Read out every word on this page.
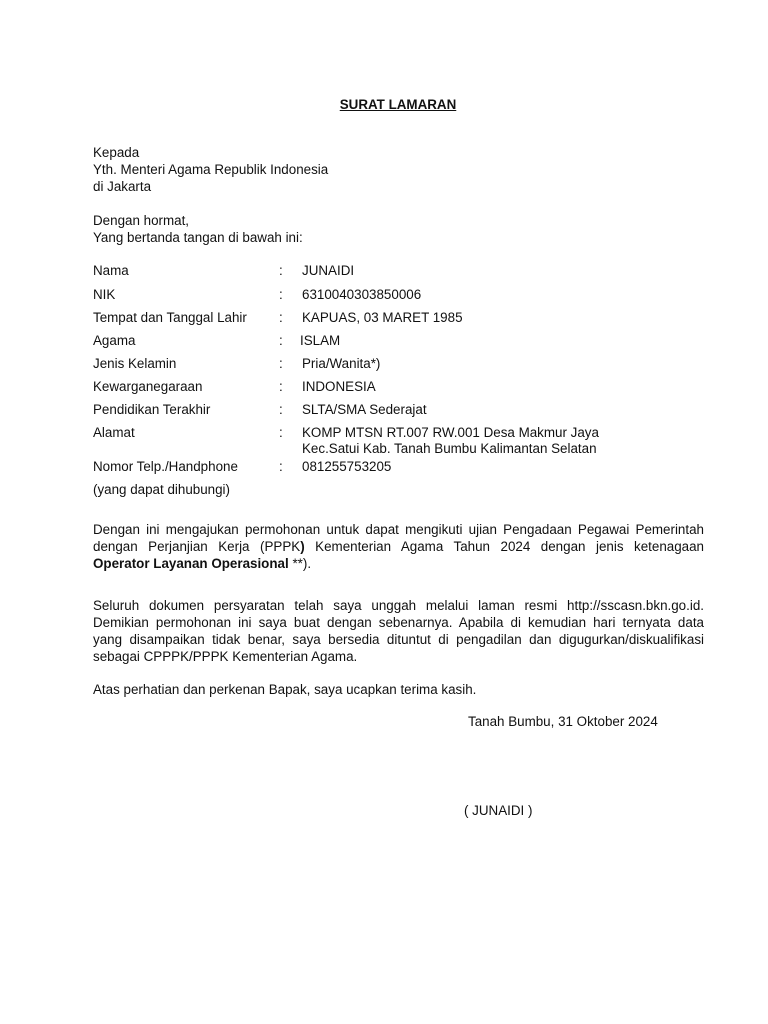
SURAT LAMARAN
Kepada
Yth. Menteri Agama Republik Indonesia
di Jakarta
Dengan hormat,
Yang bertanda tangan di bawah ini:
Nama	: JUNAIDI
NIK	: 6310040303850006
Tempat dan Tanggal Lahir : KAPUAS, 03 MARET 1985
Agama	: ISLAM
Jenis Kelamin	: Pria/Wanita*)
Kewarganegaraan	: INDONESIA
Pendidikan Terakhir	: SLTA/SMA Sederajat
Alamat	: KOMP MTSN RT.007 RW.001 Desa Makmur Jaya
Kec.Satui Kab. Tanah Bumbu Kalimantan Selatan
Nomor Telp./Handphone	: 081255753205
(yang dapat dihubungi)
Dengan ini mengajukan permohonan untuk dapat mengikuti ujian Pengadaan Pegawai Pemerintah
dengan Perjanjian Kerja (PPPK) Kementerian Agama Tahun 2024 dengan jenis ketenagaan
Operator Layanan Operasional **).
Seluruh dokumen persyaratan telah saya unggah melalui laman resmi http://sscasn.bkn.go.id.
Demikian permohonan ini saya buat dengan sebenarnya. Apabila di kemudian hari ternyata data
yang disampaikan tidak benar, saya bersedia dituntut di pengadilan dan digugurkan/diskualifikasi
sebagai CPPPK/PPPK Kementerian Agama.
Atas perhatian dan perkenan Bapak, saya ucapkan terima kasih.
Tanah Bumbu, 31 Oktober 2024
( JUNAIDI )
